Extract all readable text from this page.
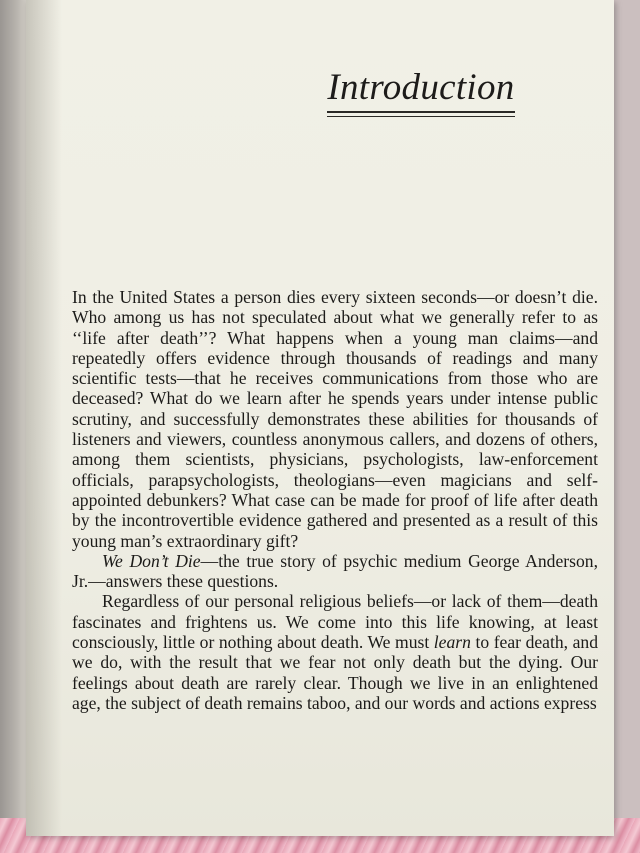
Introduction

In the United States a person dies every sixteen seconds—or doesn’t die. Who among us has not speculated about what we generally refer to as ‘‘life after death’’? What happens when a young man claims—and repeatedly offers evidence through thousands of readings and many scientific tests—that he receives communications from those who are deceased? What do we learn after he spends years under intense public scrutiny, and successfully demonstrates these abilities for thousands of listeners and viewers, countless anonymous callers, and dozens of others, among them scientists, physicians, psychologists, law-enforcement officials, parapsychologists, theologians—even magicians and self-appointed debunkers? What case can be made for proof of life after death by the incontrovertible evidence gathered and presented as a result of this young man’s extraordinary gift?

We Don’t Die—the true story of psychic medium George Anderson, Jr.—answers these questions.

Regardless of our personal religious beliefs—or lack of them—death fascinates and frightens us. We come into this life knowing, at least consciously, little or nothing about death. We must learn to fear death, and we do, with the result that we fear not only death but the dying. Our feelings about death are rarely clear. Though we live in an enlightened age, the subject of death remains taboo, and our words and actions express
